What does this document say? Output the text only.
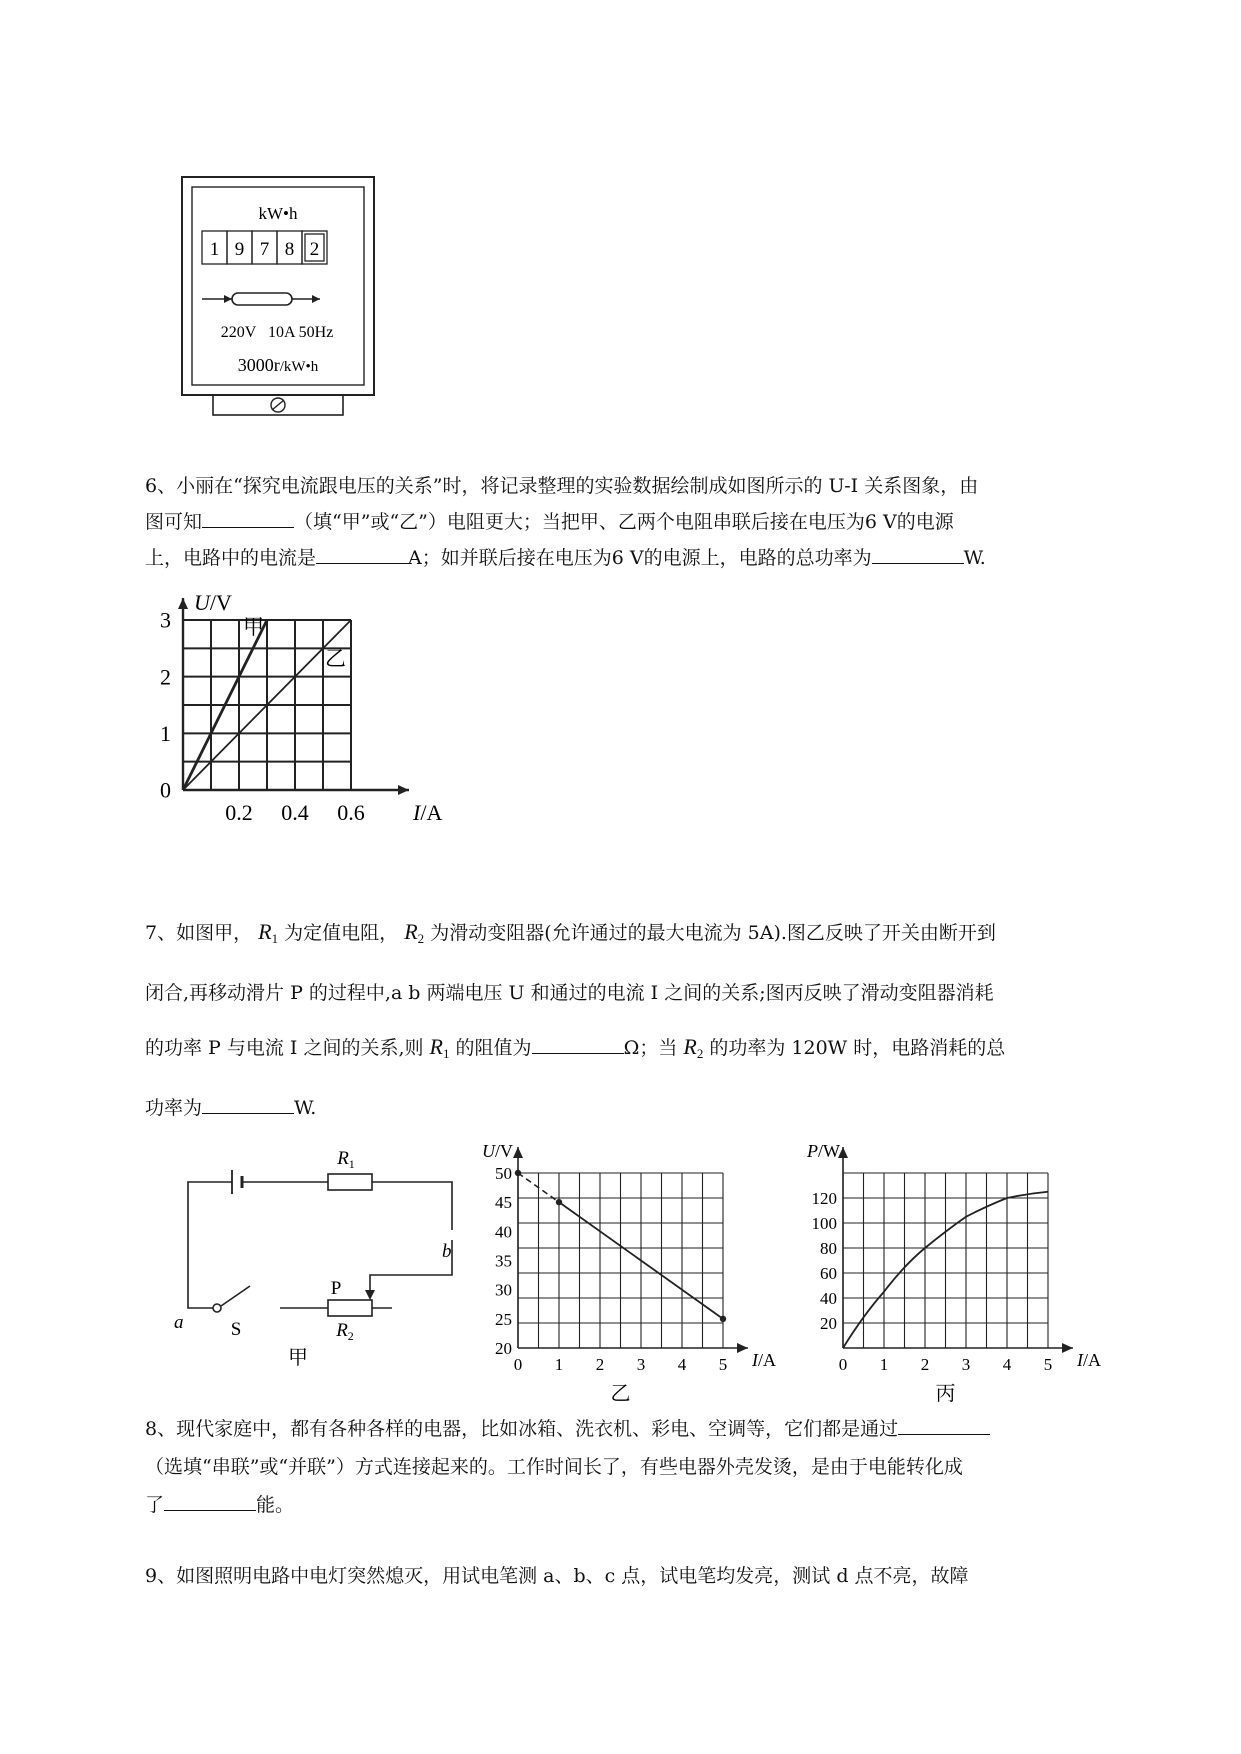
kW•h
1 9 7 8 2
220V   10A 50Hz
3000r/kW•h
6、小丽在“探究电流跟电压的关系”时，将记录整理的实验数据绘制成如图所示的 U-I 关系图象，由
图可知	（填“甲”或“乙”）电阻更大；当把甲、乙两个电阻串联后接在电压为6 V的电源
上，电路中的电流是	A；如并联后接在电压为6 V的电源上，电路的总功率为	W.
0.2 0.4 0.6
0
1
2
3
I/A
U/V
甲
乙
7、如图甲， $R_1$ 为定值电阻， $R_2$ 为滑动变阻器(允许通过的最大电流为 5A).图乙反映了开关由断开到
闭合,再移动滑片 P 的过程中,a b 两端电压 U 和通过的电流 I 之间的关系;图丙反映了滑动变阻器消耗
的功率 P 与电流 I 之间的关系,则 $R_1$ 的阻值为	Ω；当 $R_2$ 的功率为 120W 时，电路消耗的总
功率为	W.
$R_1$
S
P
$R_2$
a
b
甲	0 1 2 3 4 5
20
25
30
35
40
45
50
I/A
U/V
乙
0 1 2 3 4 5
20
40
60
80
100
120
I/A
P/W
丙
8、现代家庭中，都有各种各样的电器，比如冰箱、洗衣机、彩电、空调等，它们都是通过
（选填“串联”或“并联”）方式连接起来的。工作时间长了，有些电器外壳发烫，是由于电能转化成
了	能。
9、如图照明电路中电灯突然熄灭，用试电笔测 a、b、c 点，试电笔均发亮，测试 d 点不亮，故障
